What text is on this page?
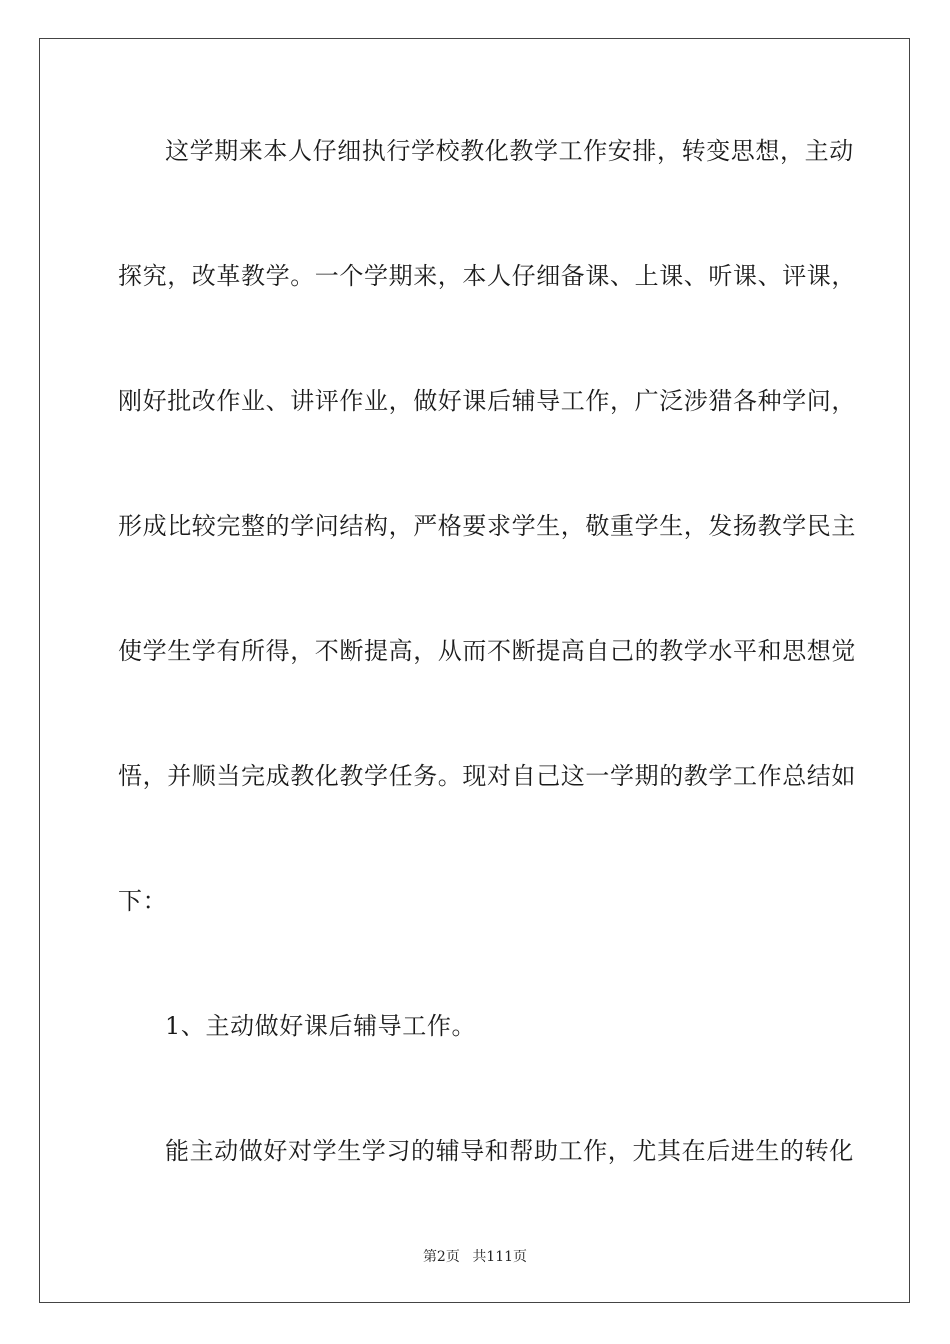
这学期来本人仔细执行学校教化教学工作安排，转变思想，主动
探究，改革教学。一个学期来，本人仔细备课、上课、听课、评课，
刚好批改作业、讲评作业，做好课后辅导工作，广泛涉猎各种学问，
形成比较完整的学问结构，严格要求学生，敬重学生，发扬教学民主
使学生学有所得，不断提高，从而不断提高自己的教学水平和思想觉
悟，并顺当完成教化教学任务。现对自己这一学期的教学工作总结如
下：
1、主动做好课后辅导工作。
能主动做好对学生学习的辅导和帮助工作，尤其在后进生的转化
第2页 共111页
